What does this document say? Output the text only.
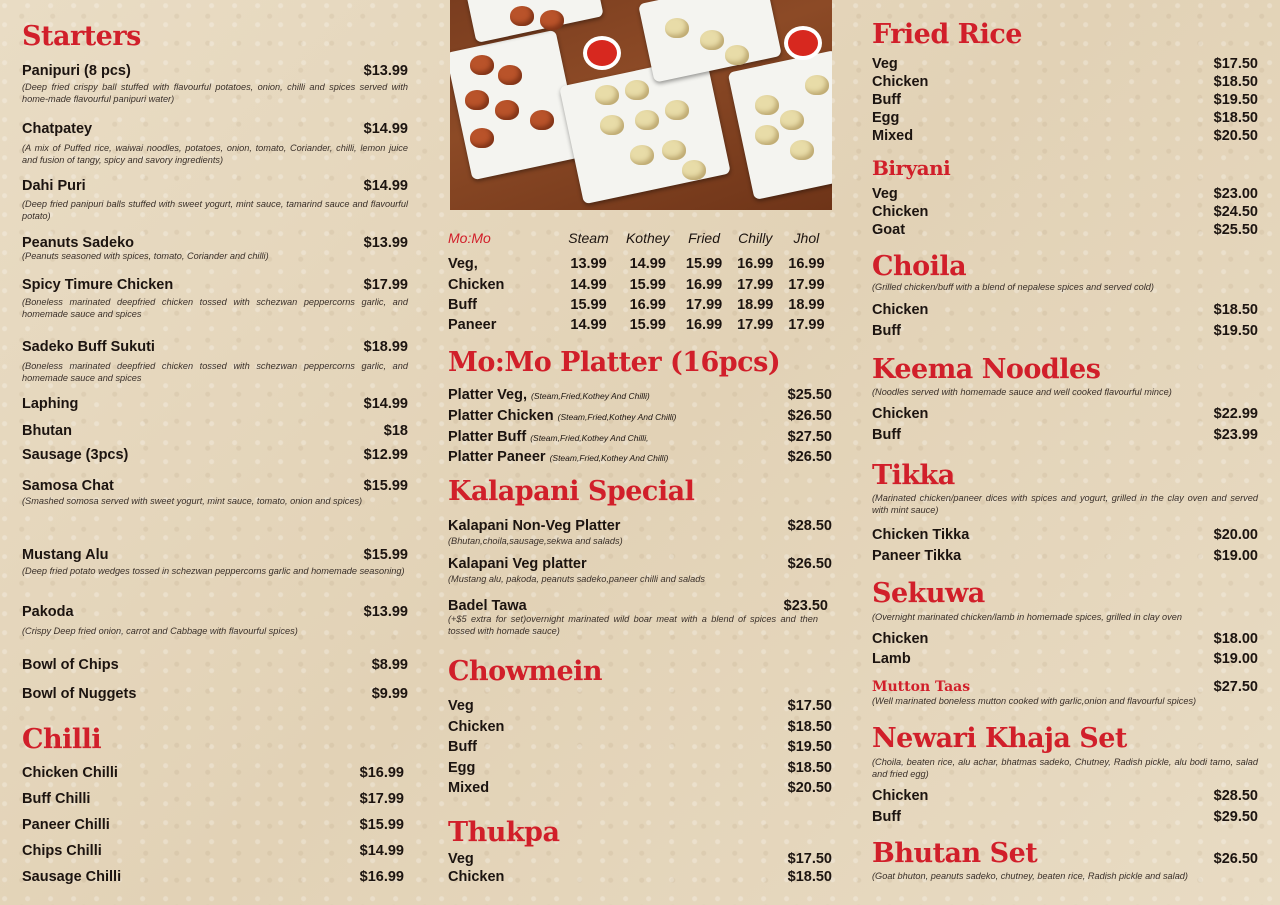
Starters
Panipuri (8 pcs)	$13.99
(Deep fried crispy ball stuffed with flavourful potatoes, onion, chilli and spices served with home-made flavourful panipuri water)
Chatpatey	$14.99
(A mix of Puffed rice, waiwai noodles, potatoes, onion, tomato, Coriander, chilli, lemon juice and fusion of tangy, spicy and savory ingredients)
Dahi Puri	$14.99
(Deep fried panipuri balls stuffed with sweet yogurt, mint sauce, tamarind sauce and flavourful potato)
Peanuts Sadeko	$13.99
(Peanuts seasoned with spices, tomato, Coriander and chilli)
Spicy Timure Chicken	$17.99
(Boneless marinated deepfried chicken tossed with schezwan peppercorns garlic, and homemade sauce and spices
Sadeko Buff Sukuti	$18.99
(Boneless marinated deepfried chicken tossed with schezwan peppercorns garlic, and homemade sauce and spices
Laphing	$14.99
Bhutan	$18
Sausage (3pcs)	$12.99
Samosa Chat	$15.99
(Smashed somosa served with sweet yogurt, mint sauce, tomato, onion and spices)
Mustang Alu	$15.99
(Deep fried potato wedges tossed in schezwan peppercorns garlic and homemade seasoning)
Pakoda	$13.99
(Crispy Deep fried onion, carrot and Cabbage with flavourful spices)
Bowl of Chips	$8.99
Bowl of Nuggets	$9.99
Chilli
Chicken Chilli	$16.99
Buff Chilli	$17.99
Paneer Chilli	$15.99
Chips Chilli	$14.99
Sausage Chilli	$16.99
Mo:Mo	Steam	Kothey	Fried	Chilly	Jhol
Veg,	13.99	14.99	15.99	16.99	16.99
Chicken	14.99	15.99	16.99	17.99	17.99
Buff	15.99	16.99	17.99	18.99	18.99
Paneer	14.99	15.99	16.99	17.99	17.99
Mo:Mo Platter (16pcs)
Platter Veg, (Steam,Fried,Kothey And Chilli)	$25.50
Platter Chicken (Steam,Fried,Kothey And Chilli)	$26.50
Platter Buff (Steam,Fried,Kothey And Chilli,	$27.50
Platter Paneer (Steam,Fried,Kothey And Chilli)	$26.50
Kalapani Special
Kalapani Non-Veg Platter	$28.50
(Bhutan,choila,sausage,sekwa and salads)
Kalapani Veg platter	$26.50
(Mustang alu, pakoda, peanuts sadeko,paneer chilli and salads
Badel Tawa	$23.50
(+$5 extra for set)overnight marinated wild boar meat with a blend of spices and then tossed with homade sauce)
Chowmein
Veg	$17.50
Chicken	$18.50
Buff	$19.50
Egg	$18.50
Mixed	$20.50
Thukpa
Veg	$17.50
Chicken	$18.50
Fried Rice
Veg	$17.50
Chicken	$18.50
Buff	$19.50
Egg	$18.50
Mixed	$20.50
Biryani
Veg	$23.00
Chicken	$24.50
Goat	$25.50
Choila
(Grilled chicken/buff with a blend of nepalese spices and served cold)
Chicken	$18.50
Buff	$19.50
Keema Noodles
(Noodles served with homemade sauce and well cooked flavourful mince)
Chicken	$22.99
Buff	$23.99
Tikka
(Marinated chicken/paneer dices with spices and yogurt, grilled in the clay oven and served with mint sauce)
Chicken Tikka	$20.00
Paneer Tikka	$19.00
Sekuwa
(Overnight marinated chicken/lamb in homemade spices, grilled in clay oven
Chicken	$18.00
Lamb	$19.00
Mutton Taas	$27.50
(Well marinated boneless mutton cooked with garlic,onion and flavourful spices)
Newari Khaja Set
(Choila, beaten rice, alu achar, bhatmas sadeko, Chutney, Radish pickle, alu bodi tamo, salad and fried egg)
Chicken	$28.50
Buff	$29.50
Bhutan Set	$26.50
(Goat bhuton, peanuts sadeko, chutney, beaten rice, Radish pickle and salad)
